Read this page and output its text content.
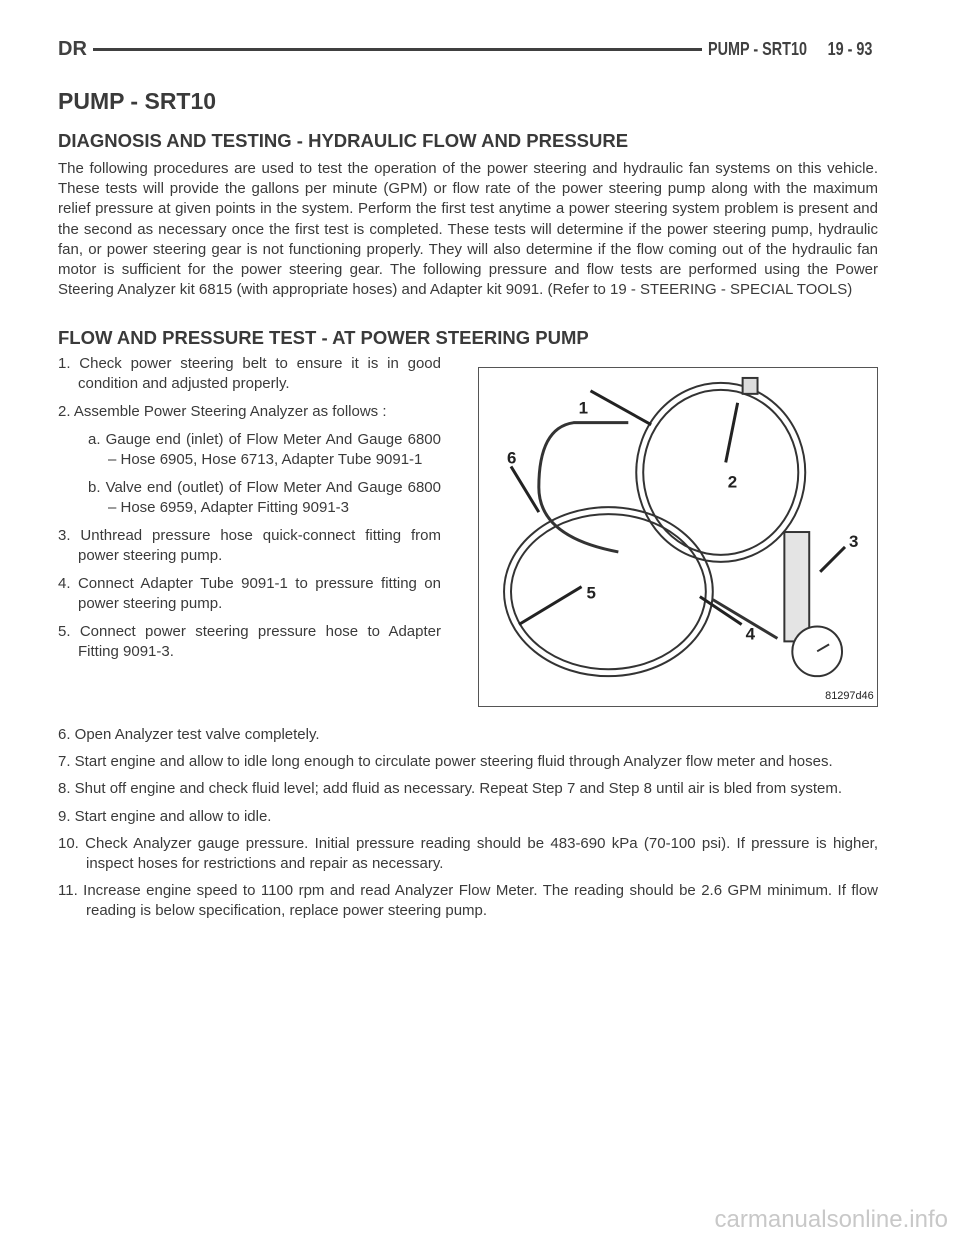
DR	PUMP - SRT10 19 - 93
PUMP - SRT10
DIAGNOSIS AND TESTING - HYDRAULIC FLOW AND PRESSURE
The following procedures are used to test the operation of the power steering and hydraulic fan systems on this vehicle. These tests will provide the gallons per minute (GPM) or flow rate of the power steering pump along with the maximum relief pressure at given points in the system. Perform the first test anytime a power steering system problem is present and the second as necessary once the first test is completed. These tests will determine if the power steering pump, hydraulic fan, or power steering gear is not functioning properly. They will also determine if the flow coming out of the hydraulic fan motor is sufficient for the power steering gear. The following pressure and flow tests are performed using the Power Steering Analyzer kit 6815 (with appropriate hoses) and Adapter kit 9091. (Refer to 19 - STEERING - SPECIAL TOOLS)
FLOW AND PRESSURE TEST - AT POWER STEERING PUMP
1. Check power steering belt to ensure it is in good condition and adjusted properly.
2. Assemble Power Steering Analyzer as follows :
a. Gauge end (inlet) of Flow Meter And Gauge 6800 – Hose 6905, Hose 6713, Adapter Tube 9091-1
b. Valve end (outlet) of Flow Meter And Gauge 6800 – Hose 6959, Adapter Fitting 9091-3
3. Unthread pressure hose quick-connect fitting from power steering pump.
4. Connect Adapter Tube 9091-1 to pressure fitting on power steering pump.
5. Connect power steering pressure hose to Adapter Fitting 9091-3.
1
2
3
4
5
6
81297d46
6. Open Analyzer test valve completely.
7. Start engine and allow to idle long enough to circulate power steering fluid through Analyzer flow meter and hoses.
8. Shut off engine and check fluid level; add fluid as necessary. Repeat Step 7 and Step 8 until air is bled from system.
9. Start engine and allow to idle.
10. Check Analyzer gauge pressure. Initial pressure reading should be 483-690 kPa (70-100 psi). If pressure is higher, inspect hoses for restrictions and repair as necessary.
11. Increase engine speed to 1100 rpm and read Analyzer Flow Meter. The reading should be 2.6 GPM minimum. If flow reading is below specification, replace power steering pump.
carmanualsonline.info
